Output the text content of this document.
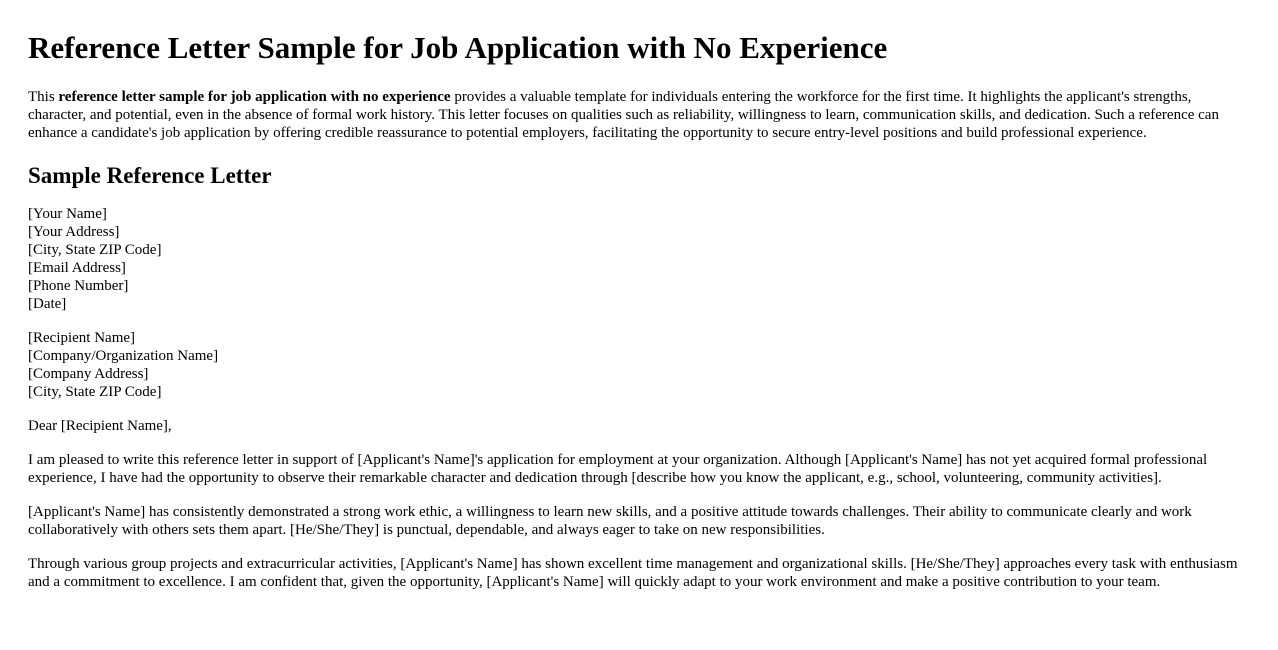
Reference Letter Sample for Job Application with No Experience

This reference letter sample for job application with no experience provides a valuable template for individuals entering the workforce for the first time. It highlights the applicant's strengths, character, and potential, even in the absence of formal work history. This letter focuses on qualities such as reliability, willingness to learn, communication skills, and dedication. Such a reference can enhance a candidate's job application by offering credible reassurance to potential employers, facilitating the opportunity to secure entry-level positions and build professional experience.

Sample Reference Letter

[Your Name]
[Your Address]
[City, State ZIP Code]
[Email Address]
[Phone Number]
[Date]

[Recipient Name]
[Company/Organization Name]
[Company Address]
[City, State ZIP Code]

Dear [Recipient Name],

I am pleased to write this reference letter in support of [Applicant's Name]'s application for employment at your organization. Although [Applicant's Name] has not yet acquired formal professional experience, I have had the opportunity to observe their remarkable character and dedication through [describe how you know the applicant, e.g., school, volunteering, community activities].

[Applicant's Name] has consistently demonstrated a strong work ethic, a willingness to learn new skills, and a positive attitude towards challenges. Their ability to communicate clearly and work collaboratively with others sets them apart. [He/She/They] is punctual, dependable, and always eager to take on new responsibilities.

Through various group projects and extracurricular activities, [Applicant's Name] has shown excellent time management and organizational skills. [He/She/They] approaches every task with enthusiasm and a commitment to excellence. I am confident that, given the opportunity, [Applicant's Name] will quickly adapt to your work environment and make a positive contribution to your team.
